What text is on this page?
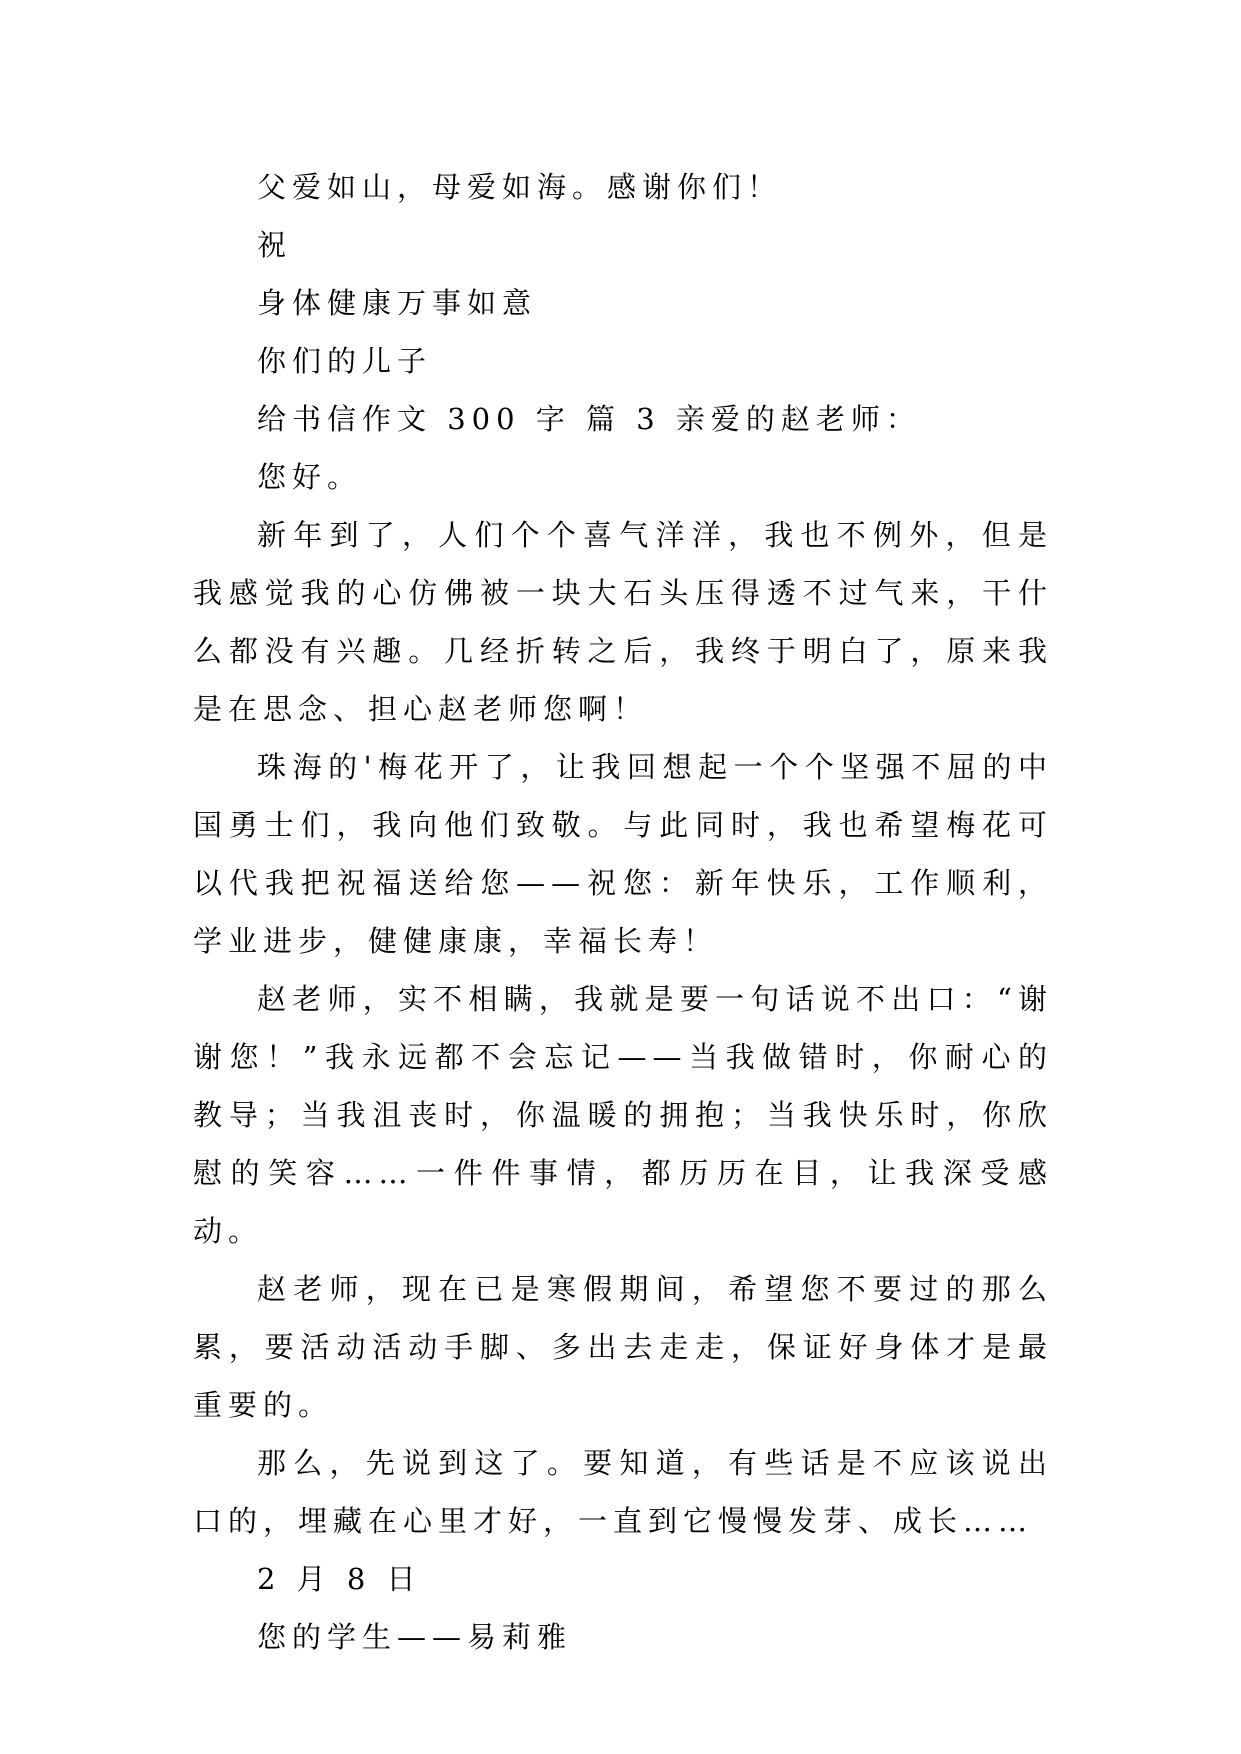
父爱如山，母爱如海。感谢你们！
祝
身体健康万事如意
你们的儿子
给书信作文 300 字 篇 3 亲爱的赵老师：
您好。
新年到了，人们个个喜气洋洋，我也不例外，但是我感觉我的心仿佛被一块大石头压得透不过气来，干什么都没有兴趣。几经折转之后，我终于明白了，原来我是在思念、担心赵老师您啊！
珠海的'梅花开了，让我回想起一个个坚强不屈的中国勇士们，我向他们致敬。与此同时，我也希望梅花可以代我把祝福送给您——祝您：新年快乐，工作顺利，学业进步，健健康康，幸福长寿！
赵老师，实不相瞒，我就是要一句话说不出口：“谢谢您！”我永远都不会忘记——当我做错时，你耐心的教导；当我沮丧时，你温暖的拥抱；当我快乐时，你欣慰的笑容……一件件事情，都历历在目，让我深受感动。
赵老师，现在已是寒假期间，希望您不要过的那么累，要活动活动手脚、多出去走走，保证好身体才是最重要的。
那么，先说到这了。要知道，有些话是不应该说出口的，埋藏在心里才好，一直到它慢慢发芽、成长……
2 月 8 日
您的学生——易莉雅
